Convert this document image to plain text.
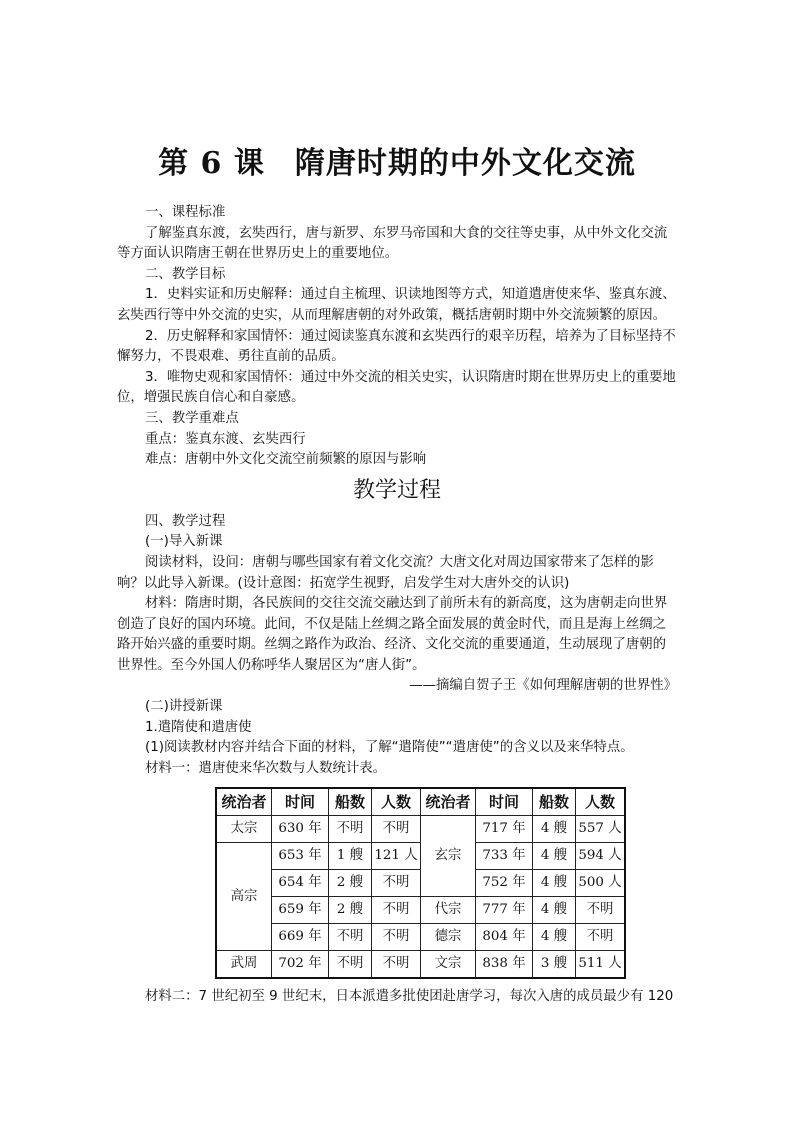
第 6 课 隋唐时期的中外文化交流

一、课程标准

了解鉴真东渡，玄奘西行，唐与新罗、东罗马帝国和大食的交往等史事，从中外文化交流等方面认识隋唐王朝在世界历史上的重要地位。

二、教学目标

1．史料实证和历史解释：通过自主梳理、识读地图等方式，知道遣唐使来华、鉴真东渡、玄奘西行等中外交流的史实，从而理解唐朝的对外政策，概括唐朝时期中外交流频繁的原因。

2．历史解释和家国情怀：通过阅读鉴真东渡和玄奘西行的艰辛历程，培养为了目标坚持不懈努力，不畏艰难、勇往直前的品质。

3．唯物史观和家国情怀：通过中外交流的相关史实，认识隋唐时期在世界历史上的重要地位，增强民族自信心和自豪感。

三、教学重难点

重点：鉴真东渡、玄奘西行

难点：唐朝中外文化交流空前频繁的原因与影响

教学过程

四、教学过程

(一)导入新课

阅读材料，设问：唐朝与哪些国家有着文化交流？大唐文化对周边国家带来了怎样的影响？以此导入新课。(设计意图：拓宽学生视野，启发学生对大唐外交的认识)

材料：隋唐时期，各民族间的交往交流交融达到了前所未有的新高度，这为唐朝走向世界创造了良好的国内环境。此间，不仅是陆上丝绸之路全面发展的黄金时代，而且是海上丝绸之路开始兴盛的重要时期。丝绸之路作为政治、经济、文化交流的重要通道，生动展现了唐朝的世界性。至今外国人仍称呼华人聚居区为“唐人街”。

——摘编自贺子王《如何理解唐朝的世界性》

(二)讲授新课

1.遣隋使和遣唐使

(1)阅读教材内容并结合下面的材料，了解“遣隋使”“遣唐使”的含义以及来华特点。

材料一：遣唐使来华次数与人数统计表。

统治者	时间	船数	人数	统治者	时间	船数	人数
太宗	630 年	不明	不明	玄宗	717 年	4 艘	557 人
高宗	653 年	1 艘	121 人		733 年	4 艘	594 人
	654 年	2 艘	不明		752 年	4 艘	500 人
	659 年	2 艘	不明	代宗	777 年	4 艘	不明
	669 年	不明	不明	德宗	804 年	4 艘	不明
武周	702 年	不明	不明	文宗	838 年	3 艘	511 人

材料二：7 世纪初至 9 世纪末，日本派遣多批使团赴唐学习，每次入唐的成员最少有 120
